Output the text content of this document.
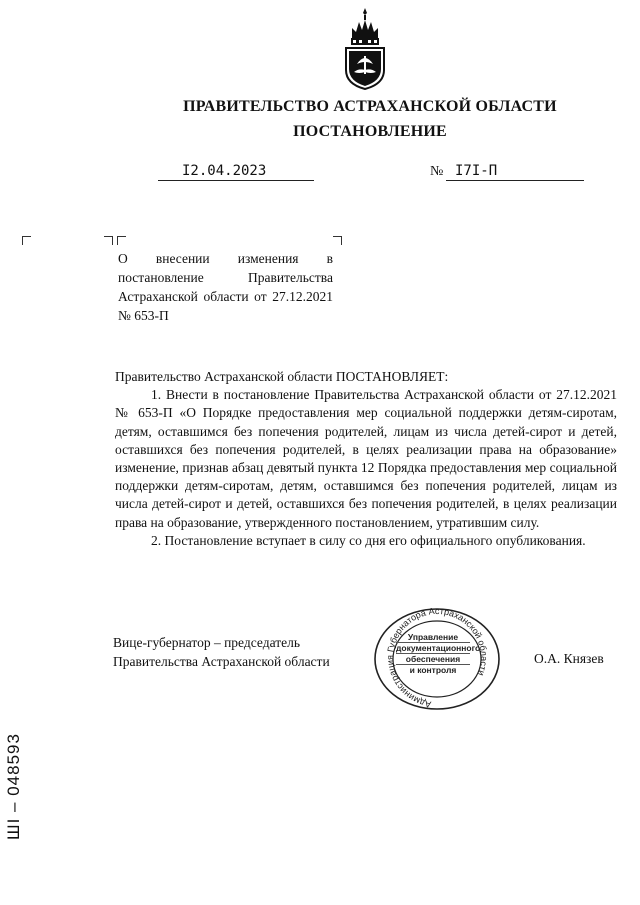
ПРАВИТЕЛЬСТВО АСТРАХАНСКОЙ ОБЛАСТИ
ПОСТАНОВЛЕНИЕ
I2.04.2023	№ I7I-П
О внесении изменения в постановление Правительства Астраханской области от 27.12.2021 № 653-П

Правительство Астраханской области ПОСТАНОВЛЯЕТ:

1. Внести в постановление Правительства Астраханской области от 27.12.2021 № 653-П «О Порядке предоставления мер социальной поддержки детям-сиротам, детям, оставшимся без попечения родителей, лицам из числа детей-сирот и детей, оставшихся без попечения родителей, в целях реализации права на образование» изменение, признав абзац девятый пункта 12 Порядка предоставления мер социальной поддержки детям-сиротам, детям, оставшимся без попечения родителей, лицам из числа детей-сирот и детей, оставшихся без попечения родителей, в целях реализации права на образование, утвержденного постановлением, утратившим силу.

2. Постановление вступает в силу со дня его официального опубликования.

Вице-губернатор – председатель
Правительства Астраханской области	О.А. Князев
Администрация Губернатора Астраханской области
Управление
документационного
обеспечения
и контроля
ШI – 048593
